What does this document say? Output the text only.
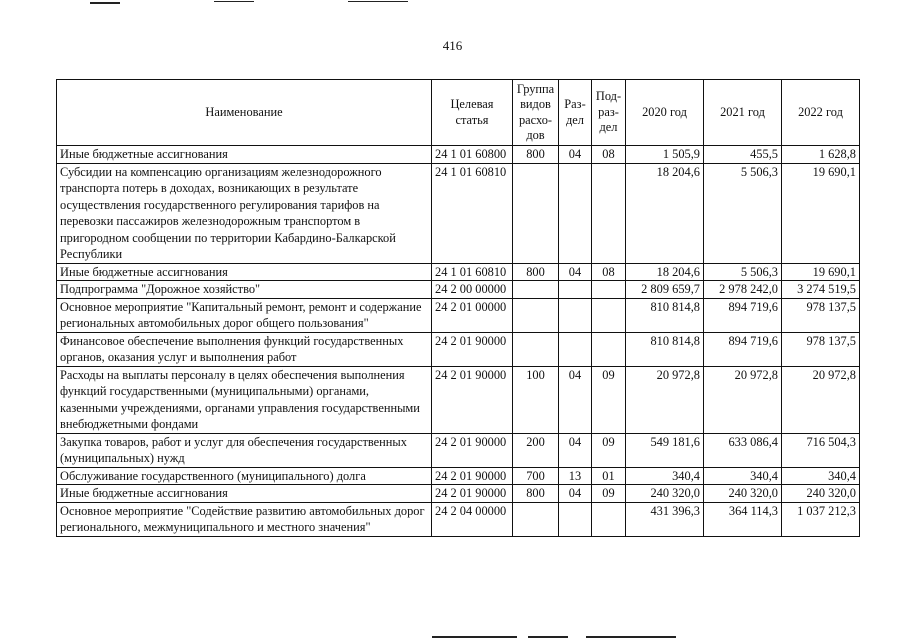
416
Наименование	Целевая статья	Группа видов расхо-дов	Раз-дел	Под-раз-дел	2020 год	2021 год	2022 год
Иные бюджетные ассигнования	24 1 01 60800	800	04	08	1 505,9	455,5	1 628,8
Субсидии на компенсацию организациям железнодорожного транспорта потерь в доходах, возникающих в результате осуществления государственного регулирования тарифов на перевозки пассажиров железнодорожным транспортом в пригородном сообщении по территории Кабардино-Балкарской Республики	24 1 01 60810				18 204,6	5 506,3	19 690,1
Иные бюджетные ассигнования	24 1 01 60810	800	04	08	18 204,6	5 506,3	19 690,1
Подпрограмма "Дорожное хозяйство"	24 2 00 00000				2 809 659,7	2 978 242,0	3 274 519,5
Основное мероприятие "Капитальный ремонт, ремонт и содержание региональных автомобильных дорог общего пользования"	24 2 01 00000				810 814,8	894 719,6	978 137,5
Финансовое обеспечение выполнения функций государственных органов, оказания услуг и выполнения работ	24 2 01 90000				810 814,8	894 719,6	978 137,5
Расходы на выплаты персоналу в целях обеспечения выполнения функций государственными (муниципальными) органами, казенными учреждениями, органами управления государственными внебюджетными фондами	24 2 01 90000	100	04	09	20 972,8	20 972,8	20 972,8
Закупка товаров, работ и услуг для обеспечения государственных (муниципальных) нужд	24 2 01 90000	200	04	09	549 181,6	633 086,4	716 504,3
Обслуживание государственного (муниципального) долга	24 2 01 90000	700	13	01	340,4	340,4	340,4
Иные бюджетные ассигнования	24 2 01 90000	800	04	09	240 320,0	240 320,0	240 320,0
Основное мероприятие "Содействие развитию автомобильных дорог регионального, межмуниципального и местного значения"	24 2 04 00000				431 396,3	364 114,3	1 037 212,3
